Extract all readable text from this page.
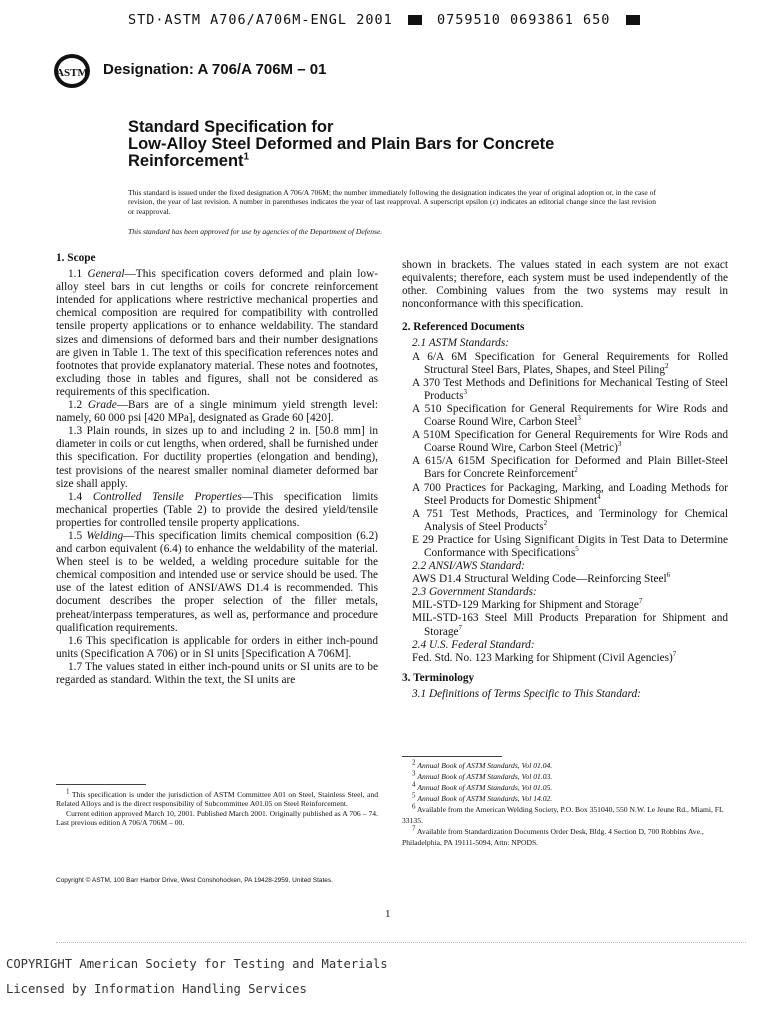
STD·ASTM A706/A706M-ENGL 2001	0759510 0693861 650
ASTM Designation: A 706/A 706M – 01
Standard Specification for
Low-Alloy Steel Deformed and Plain Bars for Concrete
Reinforcement$^1$

This standard is issued under the fixed designation A 706/A 706M; the number immediately following the designation indicates the year of original adoption or, in the case of revision, the year of last revision. A number in parentheses indicates the year of last reapproval. A superscript epsilon (ε) indicates an editorial change since the last revision or reapproval.

This standard has been approved for use by agencies of the Department of Defense.

1. Scope

1.1 General—This specification covers deformed and plain low-alloy steel bars in cut lengths or coils for concrete reinforcement intended for applications where restrictive mechanical properties and chemical composition are required for compatibility with controlled tensile property applications or to enhance weldability. The standard sizes and dimensions of deformed bars and their number designations are given in Table 1. The text of this specification references notes and footnotes that provide explanatory material. These notes and footnotes, excluding those in tables and figures, shall not be considered as requirements of this specification.

1.2 Grade—Bars are of a single minimum yield strength level: namely, 60 000 psi [420 MPa], designated as Grade 60 [420].

1.3 Plain rounds, in sizes up to and including 2 in. [50.8 mm] in diameter in coils or cut lengths, when ordered, shall be furnished under this specification. For ductility properties (elongation and bending), test provisions of the nearest smaller nominal diameter deformed bar size shall apply.

1.4 Controlled Tensile Properties—This specification limits mechanical properties (Table 2) to provide the desired yield/tensile properties for controlled tensile property applications.

1.5 Welding—This specification limits chemical composition (6.2) and carbon equivalent (6.4) to enhance the weldability of the material. When steel is to be welded, a welding procedure suitable for the chemical composition and intended use or service should be used. The use of the latest edition of ANSI/AWS D1.4 is recommended. This document describes the proper selection of the filler metals, preheat/interpass temperatures, as well as, performance and procedure qualification requirements.

1.6 This specification is applicable for orders in either inch-pound units (Specification A 706) or in SI units [Specification A 706M].

1.7 The values stated in either inch-pound units or SI units are to be regarded as standard. Within the text, the SI units are

$^1$ This specification is under the jurisdiction of ASTM Committee A01 on Steel, Stainless Steel, and Related Alloys and is the direct responsibility of Subcommittee A01.05 on Steel Reinforcement.

Current edition approved March 10, 2001. Published March 2001. Originally published as A 706 – 74. Last previous edition A 706/A 706M – 00.

shown in brackets. The values stated in each system are not exact equivalents; therefore, each system must be used independently of the other. Combining values from the two systems may result in nonconformance with this specification.

2. Referenced Documents

2.1 ASTM Standards:

A 6/A 6M Specification for General Requirements for Rolled Structural Steel Bars, Plates, Shapes, and Steel Piling$^2$

A 370 Test Methods and Definitions for Mechanical Testing of Steel Products$^3$

A 510 Specification for General Requirements for Wire Rods and Coarse Round Wire, Carbon Steel$^3$

A 510M Specification for General Requirements for Wire Rods and Coarse Round Wire, Carbon Steel (Metric)$^3$

A 615/A 615M Specification for Deformed and Plain Billet-Steel Bars for Concrete Reinforcement$^2$

A 700 Practices for Packaging, Marking, and Loading Methods for Steel Products for Domestic Shipment$^4$

A 751 Test Methods, Practices, and Terminology for Chemical Analysis of Steel Products$^2$

E 29 Practice for Using Significant Digits in Test Data to Determine Conformance with Specifications$^5$

2.2 ANSI/AWS Standard:

AWS D1.4 Structural Welding Code—Reinforcing Steel$^6$

2.3 Government Standards:

MIL-STD-129 Marking for Shipment and Storage$^7$

MIL-STD-163 Steel Mill Products Preparation for Shipment and Storage$^7$

2.4 U.S. Federal Standard:

Fed. Std. No. 123 Marking for Shipment (Civil Agencies)$^7$

3. Terminology

3.1 Definitions of Terms Specific to This Standard:

$^2$ Annual Book of ASTM Standards, Vol 01.04.

$^3$ Annual Book of ASTM Standards, Vol 01.03.

$^4$ Annual Book of ASTM Standards, Vol 01.05.

$^5$ Annual Book of ASTM Standards, Vol 14.02.

$^6$ Available from the American Welding Society, P.O. Box 351040, 550 N.W. Le Jeune Rd., Miami, FL 33135.

$^7$ Available from Standardization Documents Order Desk, Bldg. 4 Section D, 700 Robbins Ave., Philadelphia, PA 19111-5094, Attn: NPODS.

Copyright © ASTM, 100 Barr Harbor Drive, West Conshohocken, PA 19428-2959, United States.
1
COPYRIGHT American Society for Testing and Materials
Licensed by Information Handling Services
